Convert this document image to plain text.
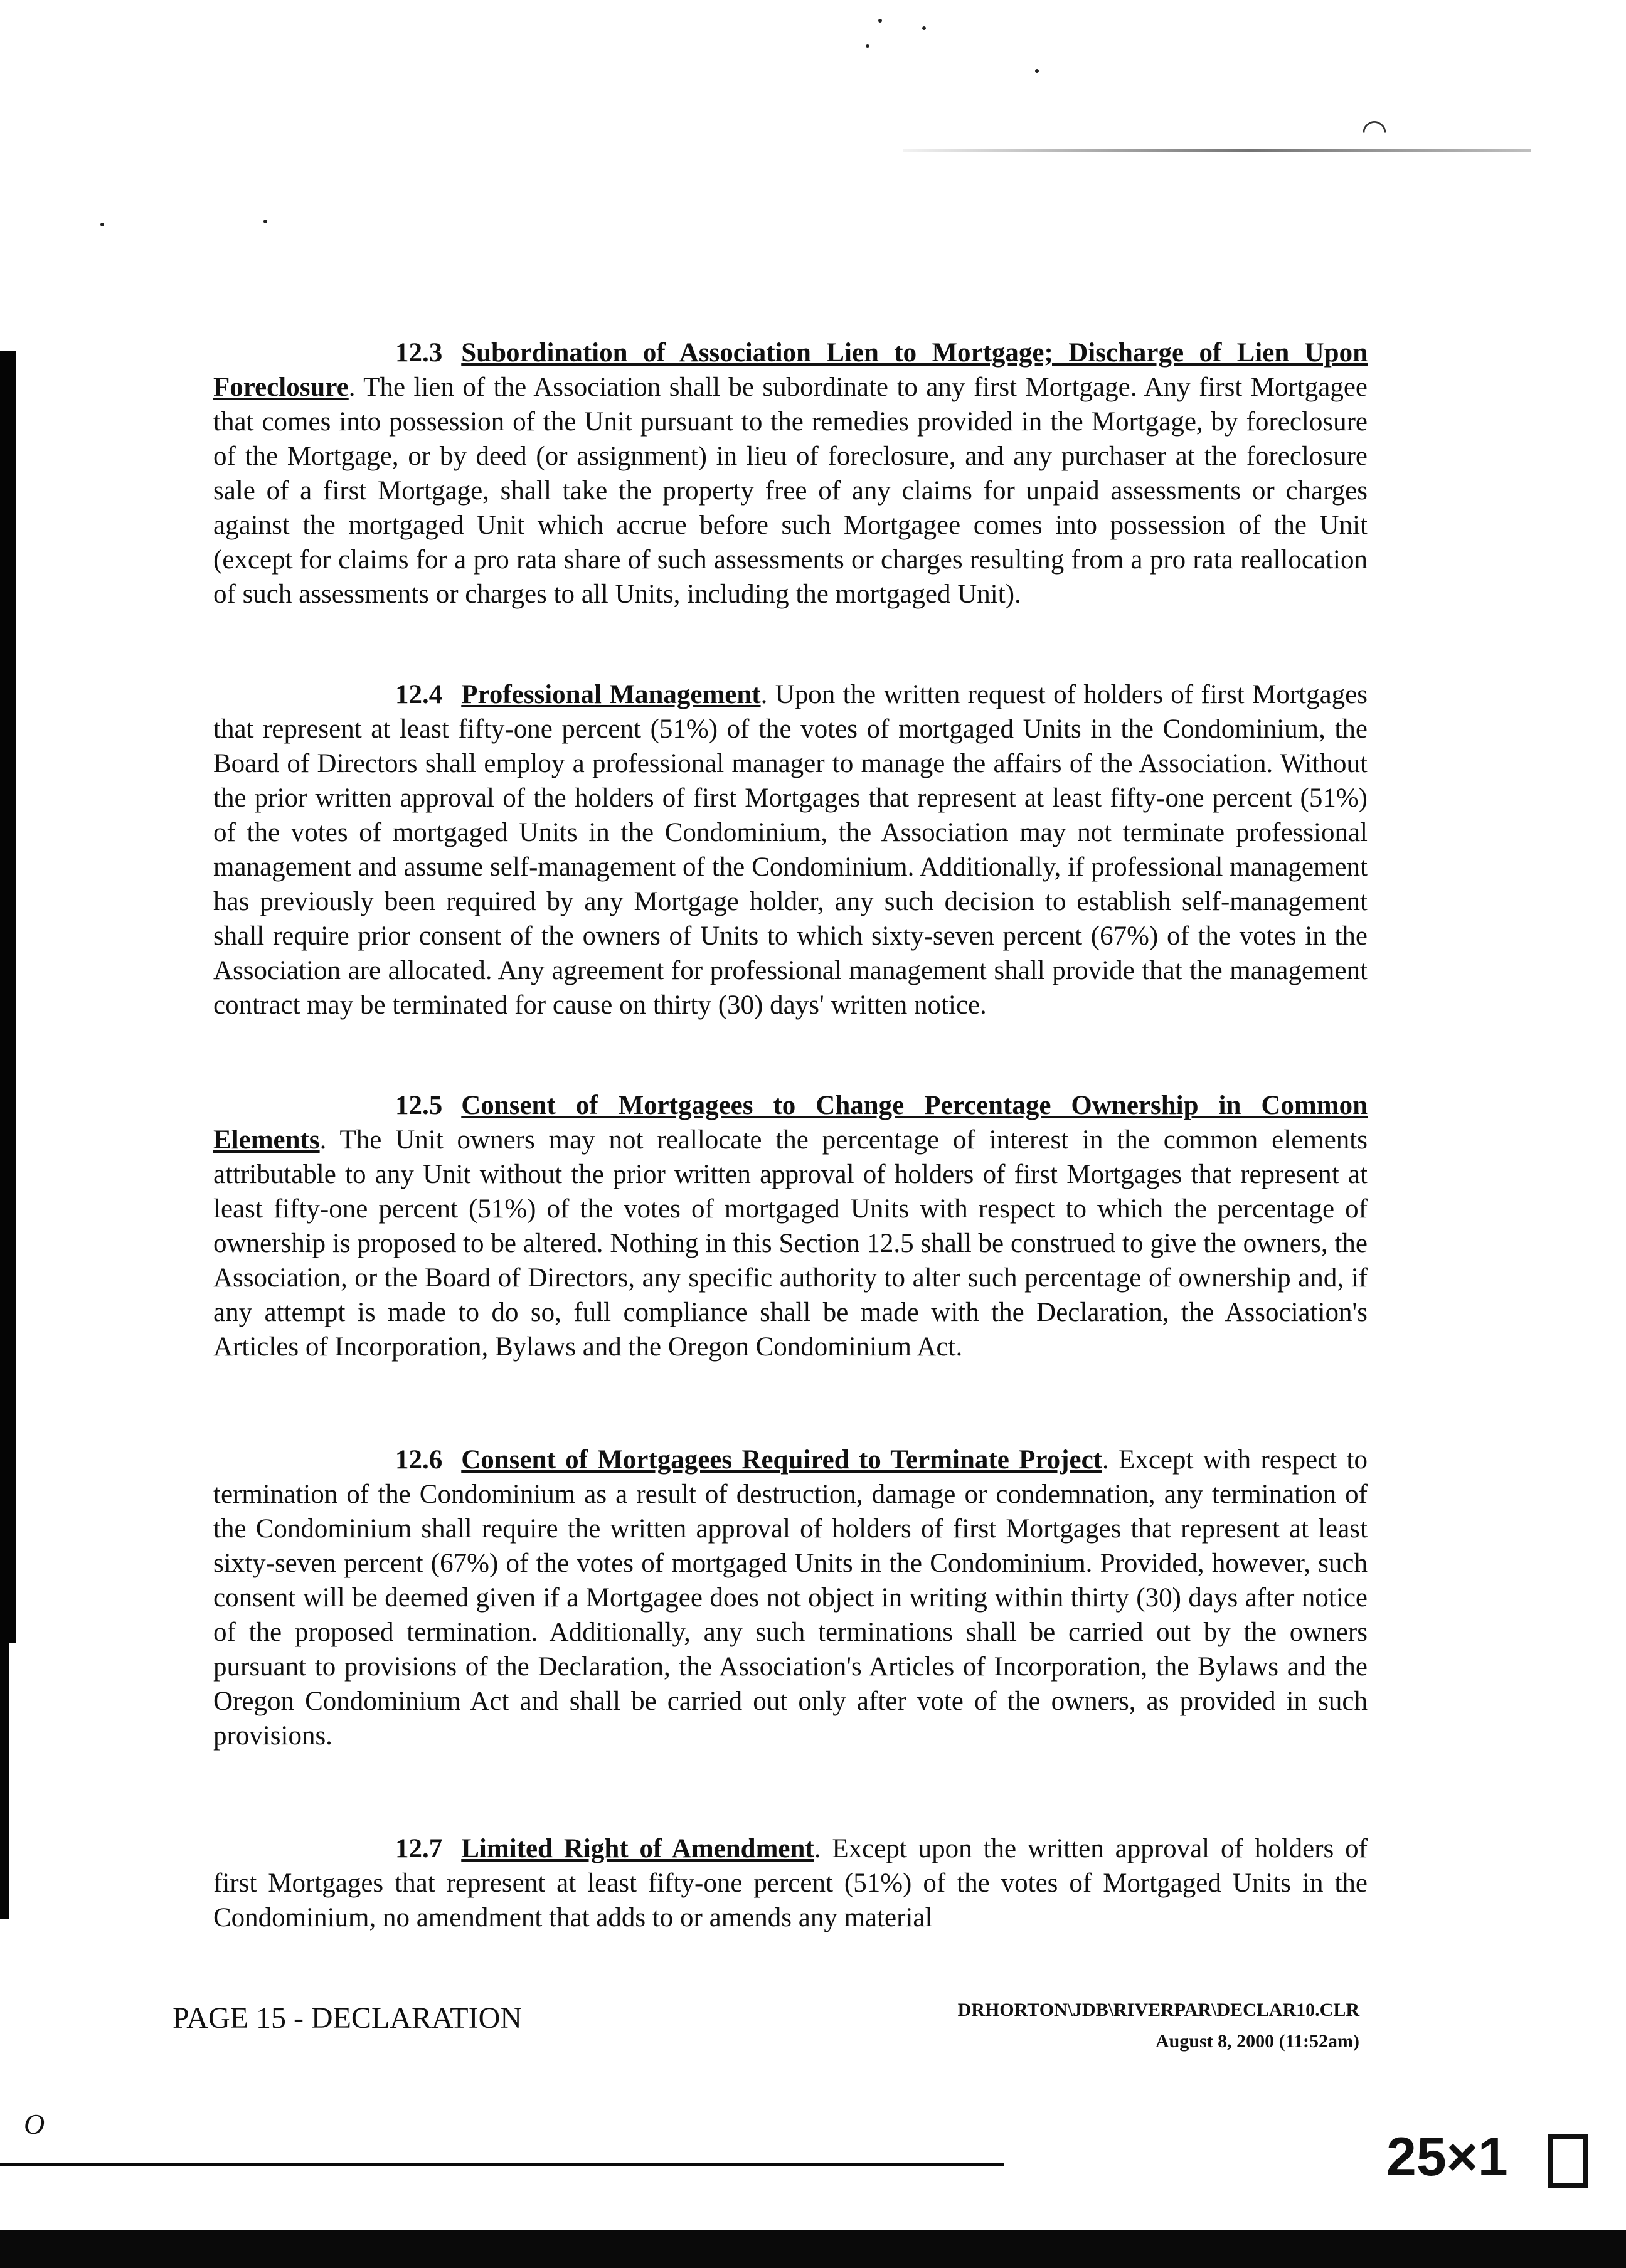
◠
12.3 Subordination of Association Lien to Mortgage; Discharge of Lien Upon Foreclosure. The lien of the Association shall be subordinate to any first Mortgage. Any first Mortgagee that comes into possession of the Unit pursuant to the remedies provided in the Mortgage, by foreclosure of the Mortgage, or by deed (or assignment) in lieu of foreclosure, and any purchaser at the foreclosure sale of a first Mortgage, shall take the property free of any claims for unpaid assessments or charges against the mortgaged Unit which accrue before such Mortgagee comes into possession of the Unit (except for claims for a pro rata share of such assessments or charges resulting from a pro rata reallocation of such assessments or charges to all Units, including the mortgaged Unit).
12.4 Professional Management. Upon the written request of holders of first Mortgages that represent at least fifty-one percent (51%) of the votes of mortgaged Units in the Condominium, the Board of Directors shall employ a professional manager to manage the affairs of the Association. Without the prior written approval of the holders of first Mortgages that represent at least fifty-one percent (51%) of the votes of mortgaged Units in the Condominium, the Association may not terminate professional management and assume self-management of the Condominium. Additionally, if professional management has previously been required by any Mortgage holder, any such decision to establish self-management shall require prior consent of the owners of Units to which sixty-seven percent (67%) of the votes in the Association are allocated. Any agreement for professional management shall provide that the management contract may be terminated for cause on thirty (30) days' written notice.
12.5 Consent of Mortgagees to Change Percentage Ownership in Common Elements. The Unit owners may not reallocate the percentage of interest in the common elements attributable to any Unit without the prior written approval of holders of first Mortgages that represent at least fifty-one percent (51%) of the votes of mortgaged Units with respect to which the percentage of ownership is proposed to be altered. Nothing in this Section 12.5 shall be construed to give the owners, the Association, or the Board of Directors, any specific authority to alter such percentage of ownership and, if any attempt is made to do so, full compliance shall be made with the Declaration, the Association's Articles of Incorporation, Bylaws and the Oregon Condominium Act.
12.6 Consent of Mortgagees Required to Terminate Project. Except with respect to termination of the Condominium as a result of destruction, damage or condemnation, any termination of the Condominium shall require the written approval of holders of first Mortgages that represent at least sixty-seven percent (67%) of the votes of mortgaged Units in the Condominium. Provided, however, such consent will be deemed given if a Mortgagee does not object in writing within thirty (30) days after notice of the proposed termination. Additionally, any such terminations shall be carried out by the owners pursuant to provisions of the Declaration, the Association's Articles of Incorporation, the Bylaws and the Oregon Condominium Act and shall be carried out only after vote of the owners, as provided in such provisions.
12.7 Limited Right of Amendment. Except upon the written approval of holders of first Mortgages that represent at least fifty-one percent (51%) of the votes of Mortgaged Units in the Condominium, no amendment that adds to or amends any material
PAGE 15 - DECLARATION	DRHORTON\JDB\RIVERPAR\DECLAR10.CLR
August 8, 2000 (11:52am)
O
25×1
